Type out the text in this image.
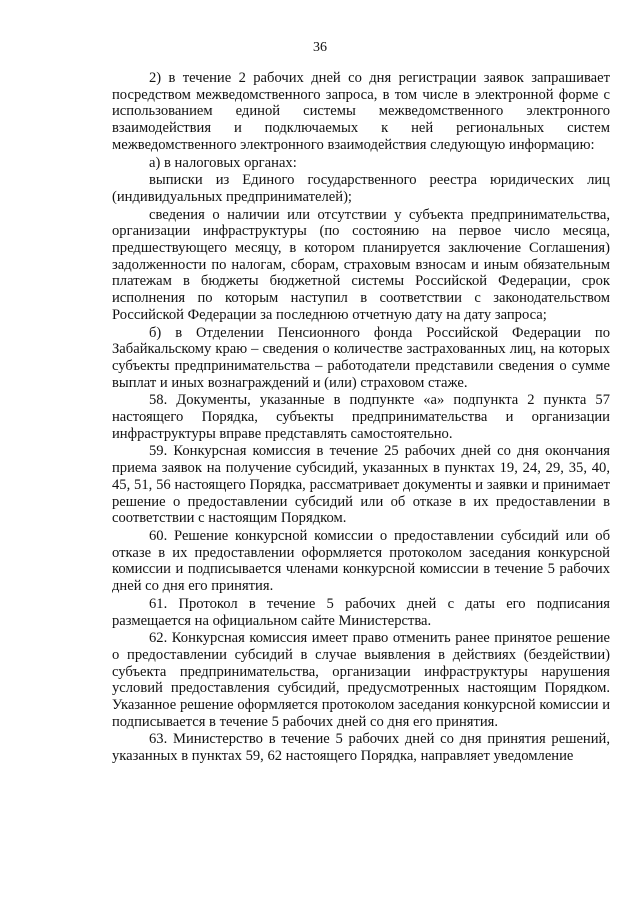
36

2) в течение 2 рабочих дней со дня регистрации заявок запрашивает посредством межведомственного запроса, в том числе в электронной форме с использованием единой системы межведомственного электронного взаимодействия и подключаемых к ней региональных систем межведомственного электронного взаимодействия следующую информацию:

а) в налоговых органах:

выписки из Единого государственного реестра юридических лиц (индивидуальных предпринимателей);

сведения о наличии или отсутствии у субъекта предпринимательства, организации инфраструктуры (по состоянию на первое число месяца, предшествующего месяцу, в котором планируется заключение Соглашения) задолженности по налогам, сборам, страховым взносам и иным обязательным платежам в бюджеты бюджетной системы Российской Федерации, срок исполнения по которым наступил в соответствии с законодательством Российской Федерации за последнюю отчетную дату на дату запроса;

б) в Отделении Пенсионного фонда Российской Федерации по Забайкальскому краю – сведения о количестве застрахованных лиц, на которых субъекты предпринимательства – работодатели представили сведения о сумме выплат и иных вознаграждений и (или) страховом стаже.

58. Документы, указанные в подпункте «а» подпункта 2 пункта 57 настоящего Порядка, субъекты предпринимательства и организации инфраструктуры вправе представлять самостоятельно.

59. Конкурсная комиссия в течение 25 рабочих дней со дня окончания приема заявок на получение субсидий, указанных в пунктах 19, 24, 29, 35, 40, 45, 51, 56 настоящего Порядка, рассматривает документы и заявки и принимает решение о предоставлении субсидий или об отказе в их предоставлении в соответствии с настоящим Порядком.

60. Решение конкурсной комиссии о предоставлении субсидий или об отказе в их предоставлении оформляется протоколом заседания конкурсной комиссии и подписывается членами конкурсной комиссии в течение 5 рабочих дней со дня его принятия.

61. Протокол в течение 5 рабочих дней с даты его подписания размещается на официальном сайте Министерства.

62. Конкурсная комиссия имеет право отменить ранее принятое решение о предоставлении субсидий в случае выявления в действиях (бездействии) субъекта предпринимательства, организации инфраструктуры нарушения условий предоставления субсидий, предусмотренных настоящим Порядком. Указанное решение оформляется протоколом заседания конкурсной комиссии и подписывается в течение 5 рабочих дней со дня его принятия.

63. Министерство в течение 5 рабочих дней со дня принятия решений, указанных в пунктах 59, 62 настоящего Порядка, направляет уведомление
